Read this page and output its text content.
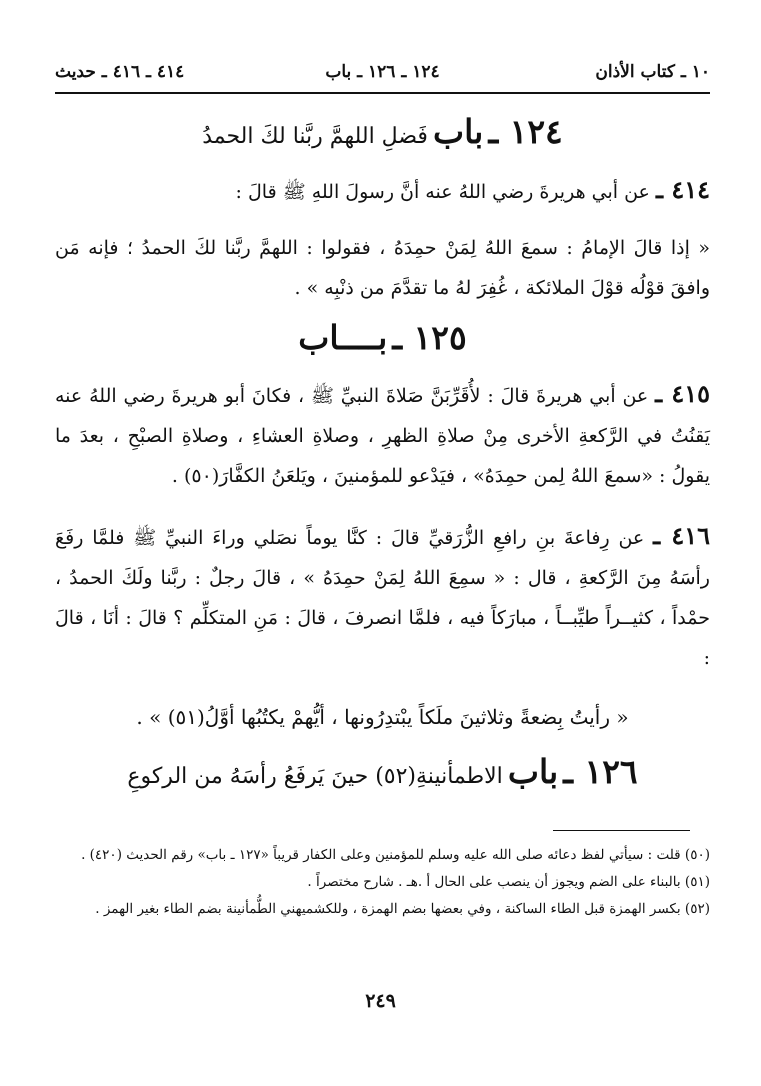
١٠ ـ كتاب الأذان
١٢٤ ـ ١٢٦ ـ باب
٤١٤ ـ ٤١٦ ـ حديث
١٢٤ ـ باب فَضلِ اللهمَّ ربَّنا لكَ الحمدُ
٤١٤ ـ عن أبي هريرةَ رضي اللهُ عنه أنَّ رسولَ اللهِ ﷺ قالَ :
« إذا قالَ الإمامُ : سمعَ اللهُ لِمَنْ حمِدَهُ ، فقولوا : اللهمَّ ربَّنا لكَ الحمدُ ؛ فإنه مَن وافقَ قوْلُه قوْلَ الملائكة ، غُفِرَ لهُ ما تقدَّمَ من ذنْبِه » .
١٢٥ ـ بــــاب
٤١٥ ـ عن أبي هريرةَ قالَ : لأُقَرِّبَنَّ صَلاةَ النبيِّ ﷺ ، فكانَ أبو هريرةَ رضي اللهُ عنه يَقنُتُ في الرَّكعةِ الأخرى مِنْ صلاةِ الظهرِ ، وصلاةِ العشاءِ ، وصلاةِ الصبْحِ ، بعدَ ما يقولُ : «سمعَ اللهُ لِمن حمِدَهُ» ، فيَدْعو للمؤمنينَ ، ويَلعَنُ الكفَّارَ(٥٠) .
٤١٦ ـ عن رِفاعةَ بنِ رافعِ الزُّرَقيِّ قالَ : كنَّا يوماً نصَلي وراءَ النبيِّ ﷺ فلمَّا رفَعَ رأسَهُ مِنَ الرَّكعةِ ، قال : « سمِعَ اللهُ لِمَنْ حمِدَهُ » ، قالَ رجلٌ : ربَّنا ولَكَ الحمدُ ، حمْداً ، كثيــراً طيِّبــاً ، مبارَكاً فيه ، فلمَّا انصرفَ ، قالَ : مَنِ المتكلِّم ؟ قالَ : أنَا ، قالَ :
« رأيتُ بِضعةً وثلاثينَ ملَكاً يبْتدِرُونها ، أيُّهمْ يكتُبُها أوَّلُ(٥١) » .
١٢٦ ـ باب الاطمأنينةِ(٥٢) حينَ يَرفَعُ رأسَهُ من الركوعِ

(٥٠) قلت : سيأتي لفظ دعائه صلى الله عليه وسلم للمؤمنين وعلى الكفار قريباً «١٢٧ ـ باب» رقم الحديث (٤٢٠) .

(٥١) بالبناء على الضم ويجوز أن ينصب على الحال أ .هـ . شارح مختصراً .

(٥٢) بكسر الهمزة قبل الطاء الساكنة ، وفي بعضها بضم الهمزة ، وللكشميهني الطُّمأنينة بضم الطاء بغير الهمز .

٢٤٩
